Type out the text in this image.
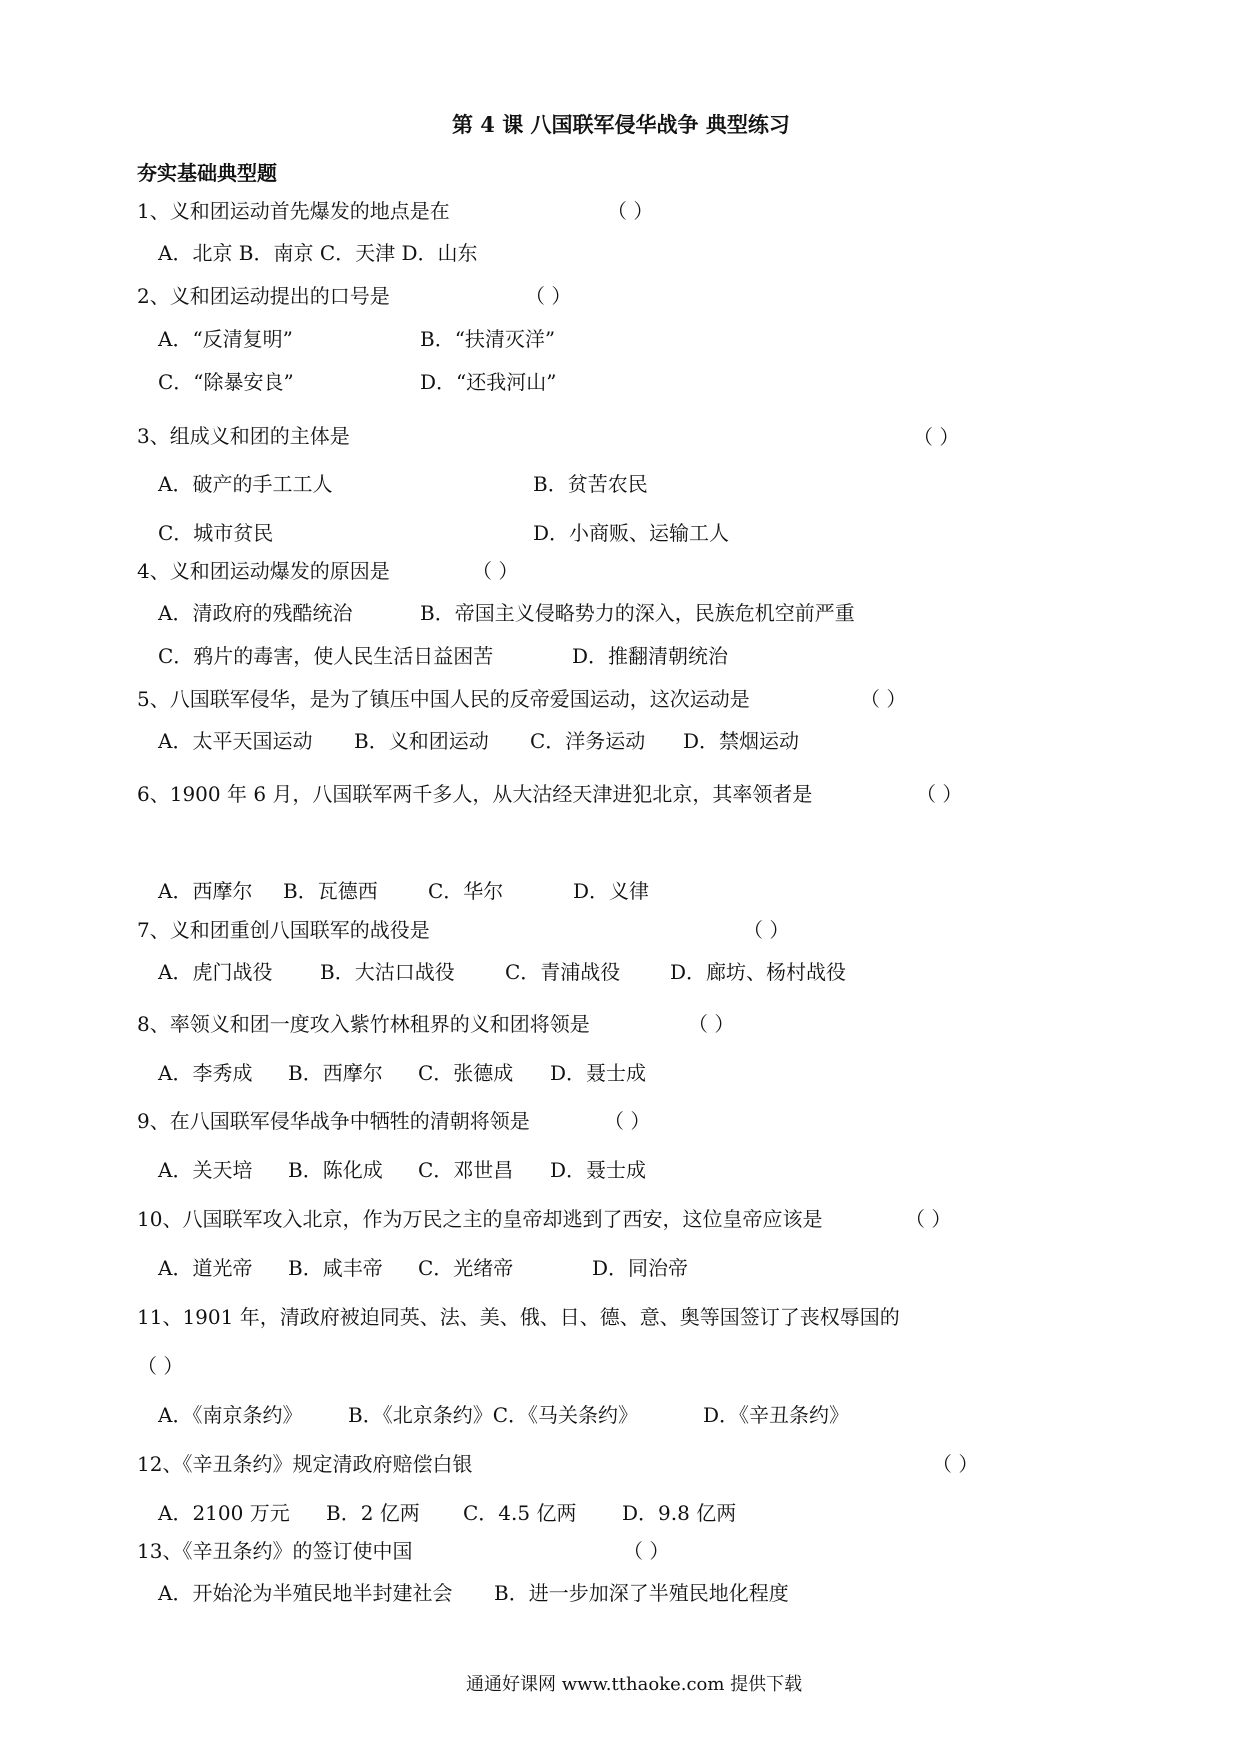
第 4 课 八国联军侵华战争 典型练习
夯实基础典型题
1、义和团运动首先爆发的地点是在	（ ）
A．北京 B．南京 C．天津 D．山东
2、义和团运动提出的口号是	（ ）
A．“反清复明”	B．“扶清灭洋”
C．“除暴安良”	D．“还我河山”
3、组成义和团的主体是	（ ）
A．破产的手工工人	B．贫苦农民
C．城市贫民	D．小商贩、运输工人
4、义和团运动爆发的原因是	（ ）
A．清政府的残酷统治	B．帝国主义侵略势力的深入，民族危机空前严重
C．鸦片的毒害，使人民生活日益困苦	D．推翻清朝统治
5、八国联军侵华，是为了镇压中国人民的反帝爱国运动，这次运动是	（ ）
A．太平天国运动 B．义和团运动 C．洋务运动 D．禁烟运动
6、1900 年 6 月，八国联军两千多人，从大沽经天津进犯北京，其率领者是	（ ）
A．西摩尔 B．瓦德西	C．华尔	D．义律
7、义和团重创八国联军的战役是	（ ）
A．虎门战役 B．大沽口战役	C．青浦战役 D．廊坊、杨村战役
8、率领义和团一度攻入紫竹林租界的义和团将领是	（ ）
A．李秀成 B．西摩尔 C．张德成 D．聂士成
9、在八国联军侵华战争中牺牲的清朝将领是	（ ）
A．关天培 B．陈化成 C．邓世昌 D．聂士成
10、八国联军攻入北京，作为万民之主的皇帝却逃到了西安，这位皇帝应该是	（ ）
A．道光帝 B．咸丰帝 C．光绪帝	D．同治帝
11、1901 年，清政府被迫同英、法、美、俄、日、德、意、奥等国签订了丧权辱国的
（ ）
A．《南京条约》 B．《北京条约》C．《马关条约》	D．《辛丑条约》
12、《辛丑条约》规定清政府赔偿白银	（ ）
A．2100 万元 B．2 亿两 C．4.5 亿两 D．9.8 亿两
13、《辛丑条约》的签订使中国	（ ）
A．开始沦为半殖民地半封建社会 B．进一步加深了半殖民地化程度
通通好课网 www.tthaoke.com 提供下载
